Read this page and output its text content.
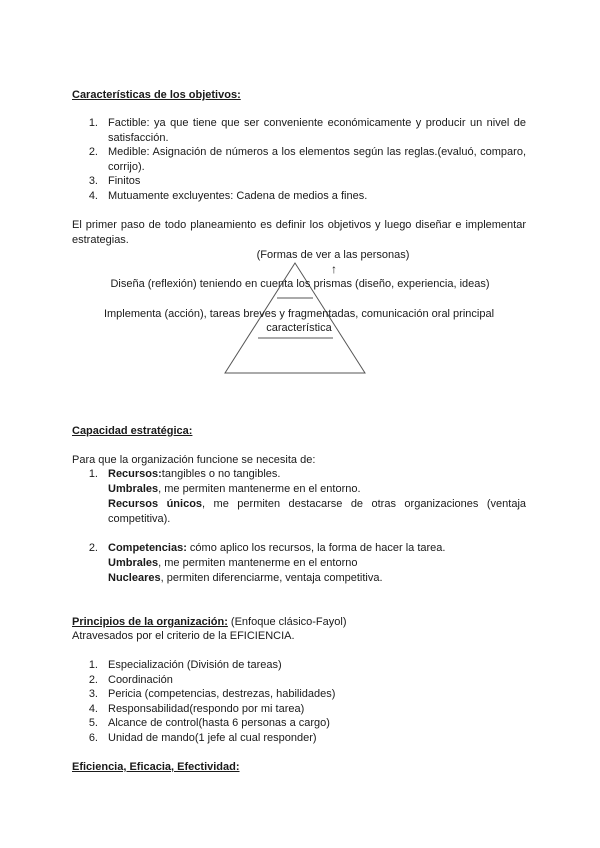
Características de los objetivos:
1. Factible: ya que tiene que ser conveniente económicamente y producir un nivel de satisfacción.
2. Medible: Asignación de números a los elementos según las reglas.(evaluó, comparo, corrijo).
3. Finitos
4. Mutuamente excluyentes: Cadena de medios a fines.
El primer paso de todo planeamiento es definir los objetivos y luego diseñar e implementar estrategias.
(Formas de ver a las personas)
↑
Diseña (reflexión) teniendo en cuenta los prismas (diseño, experiencia, ideas)
Implementa (acción), tareas breves y fragmentadas, comunicación oral principal
característica
Capacidad estratégica:
Para que la organización funcione se necesita de:
1. Recursos:tangibles o no tangibles.
Umbrales, me permiten mantenerme en el entorno.
Recursos únicos, me permiten destacarse de otras organizaciones (ventaja competitiva).
2. Competencias: cómo aplico los recursos, la forma de hacer la tarea.
Umbrales, me permiten mantenerme en el entorno
Nucleares, permiten diferenciarme, ventaja competitiva.
Principios de la organización: (Enfoque clásico-Fayol)
Atravesados por el criterio de la EFICIENCIA.
1. Especialización (División de tareas)
2. Coordinación
3. Pericia (competencias, destrezas, habilidades)
4. Responsabilidad(respondo por mi tarea)
5. Alcance de control(hasta 6 personas a cargo)
6. Unidad de mando(1 jefe al cual responder)
Eficiencia, Eficacia, Efectividad:
